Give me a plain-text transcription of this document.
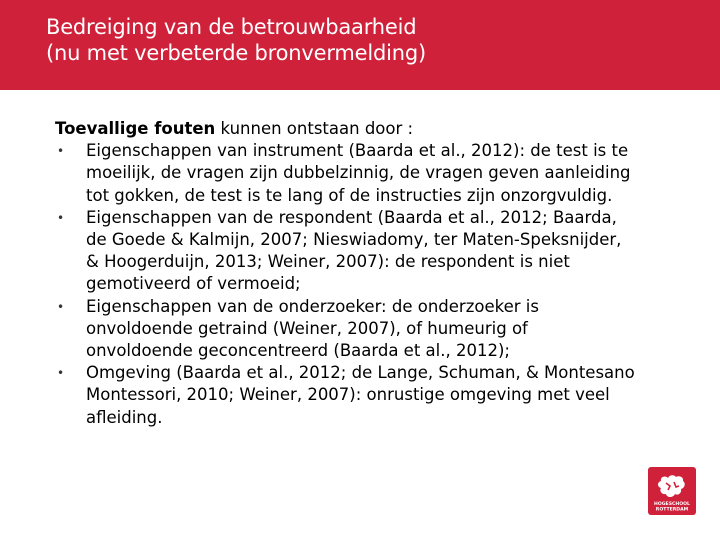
Bedreiging van de betrouwbaarheid
(nu met verbeterde bronvermelding)
Toevallige fouten kunnen ontstaan door :
• Eigenschappen van instrument (Baarda et al., 2012): de test is te moeilijk, de vragen zijn dubbelzinnig, de vragen geven aanleiding tot gokken, de test is te lang of de instructies zijn onzorgvuldig.
• Eigenschappen van de respondent (Baarda et al., 2012; Baarda, de Goede & Kalmijn, 2007; Nieswiadomy, ter Maten-Speksnijder, & Hoogerduijn, 2013; Weiner, 2007): de respondent is niet gemotiveerd of vermoeid;
• Eigenschappen van de onderzoeker: de onderzoeker is onvoldoende getraind (Weiner, 2007), of humeurig of onvoldoende geconcentreerd (Baarda et al., 2012);
• Omgeving (Baarda et al., 2012; de Lange, Schuman, & Montesano Montessori, 2010; Weiner, 2007): onrustige omgeving met veel afleiding.
HOGESCHOOL
ROTTERDAM
